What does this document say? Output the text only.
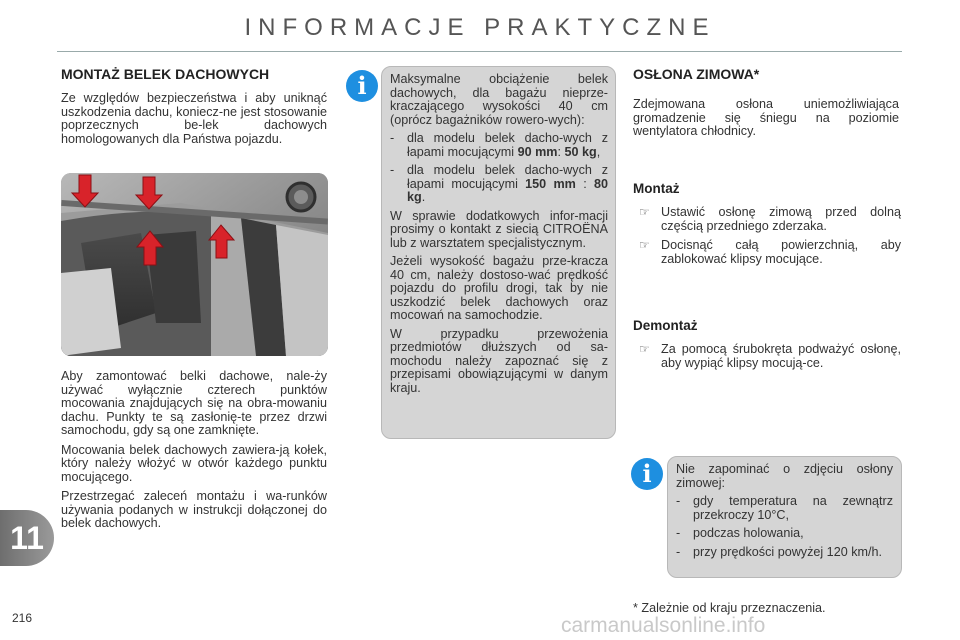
INFORMACJE PRAKTYCZNE
MONTAŻ BELEK DACHOWYCH

Ze względów bezpieczeństwa i aby uniknąć uszkodzenia dachu, koniecz-ne jest stosowanie poprzecznych be-lek dachowych homologowanych dla Państwa pojazdu.

Aby zamontować belki dachowe, nale-ży używać wyłącznie czterech punktów mocowania znajdujących się na obra-mowaniu dachu. Punkty te są zasłonię-te przez drzwi samochodu, gdy są one zamknięte.

Mocowania belek dachowych zawiera-ją kołek, który należy włożyć w otwór każdego punktu mocującego.

Przestrzegać zaleceń montażu i wa-runków używania podanych w instrukcji dołączonej do belek dachowych.

i	Maksymalne obciążenie belek dachowych, dla bagażu nieprze-kraczającego wysokości 40 cm (oprócz bagażników rowero-wych):

-	dla modelu belek dacho-wych z łapami mocującymi 90 mm: 50 kg,
-	dla modelu belek dacho-wych z łapami mocującymi 150 mm : 80 kg.

W sprawie dodatkowych infor-macji prosimy o kontakt z siecią CITROËNA lub z warsztatem specjalistycznym.

Jeżeli wysokość bagażu prze-kracza 40 cm, należy dostoso-wać prędkość pojazdu do profilu drogi, tak by nie uszkodzić belek dachowych oraz mocowań na samochodzie.

W przypadku przewożenia przedmiotów dłuższych od sa-mochodu należy zapoznać się z przepisami obowiązującymi w danym kraju.

OSŁONA ZIMOWA*
Zdejmowana osłona uniemożliwiająca gromadzenie się śniegu na poziomie wentylatora chłodnicy.
Montaż
☞ Ustawić osłonę zimową przed dolną częścią przedniego zderzaka.
☞ Docisnąć całą powierzchnią, aby zablokować klipsy mocujące.
Demontaż
☞ Za pomocą śrubokręta podważyć osłonę, aby wypiąć klipsy mocują-ce.
i	Nie zapominać o zdjęciu osłony zimowej:

-	gdy temperatura na zewnątrz przekroczy 10°C,
-	podczas holowania,
-	przy prędkości powyżej 120 km/h.
11
216
* Zależnie od kraju przeznaczenia.
carmanualsonline.info
